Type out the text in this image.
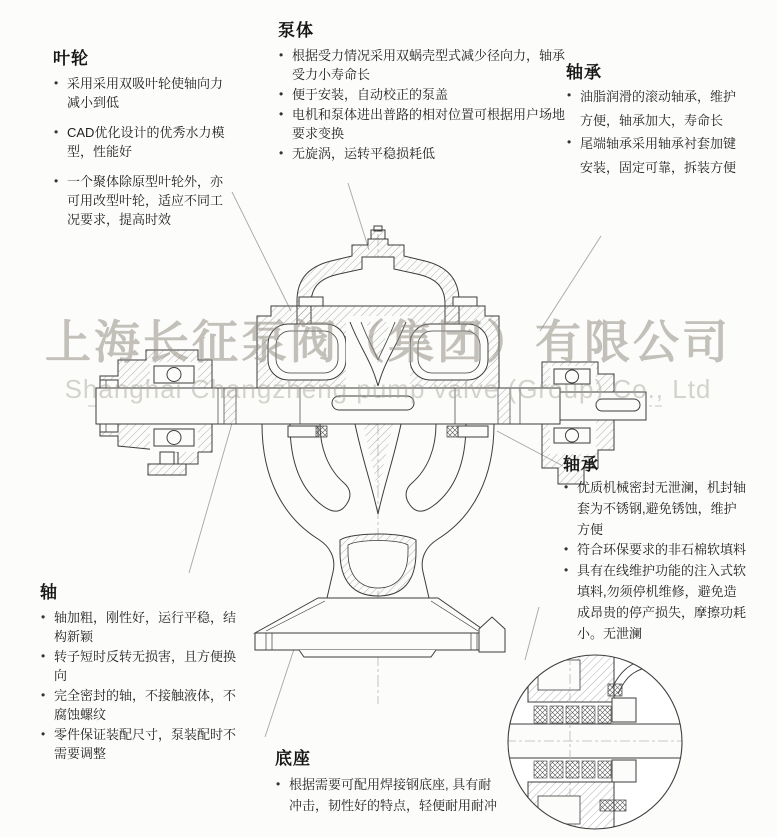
上海长征泵阀（集团）有限公司
Shanghai Changzheng pump valve (Group) Co., Ltd
叶轮
• 采用采用双吸叶轮使轴向力减小到低
• CAD优化设计的优秀水力模型，性能好
• 一个聚体除原型叶轮外，亦可用改型叶轮，适应不同工况要求，提高时效
泵体
• 根据受力情况采用双蜗壳型式减少径向力，轴承受力小寿命长
• 便于安装，自动校正的泵盖
• 电机和泵体进出普路的相对位置可根据用户场地要求变换
• 无旋涡，运转平稳损耗低
轴承
• 油脂润滑的滚动轴承，维护方便，轴承加大，寿命长
• 尾端轴承采用轴承衬套加键安装，固定可靠，拆装方便
轴承
• 优质机械密封无泄澜，机封轴套为不锈钢,避免锈蚀，维护方便
• 符合环保要求的非石棉软填料
• 具有在线维护功能的注入式软填料,勿须停机维修，避免造成昂贵的停产损失，摩擦功耗小。无泄澜
轴
• 轴加粗，刚性好，运行平稳，结构新颖
• 转子短时反转无损害，且方便换向
• 完全密封的轴，不接触液体，不腐蚀螺纹
• 零件保证装配尺寸，泵装配时不需要调整	底座
• 根据需要可配用焊接钢底座, 具有耐冲击，韧性好的特点，轻便耐用耐冲
